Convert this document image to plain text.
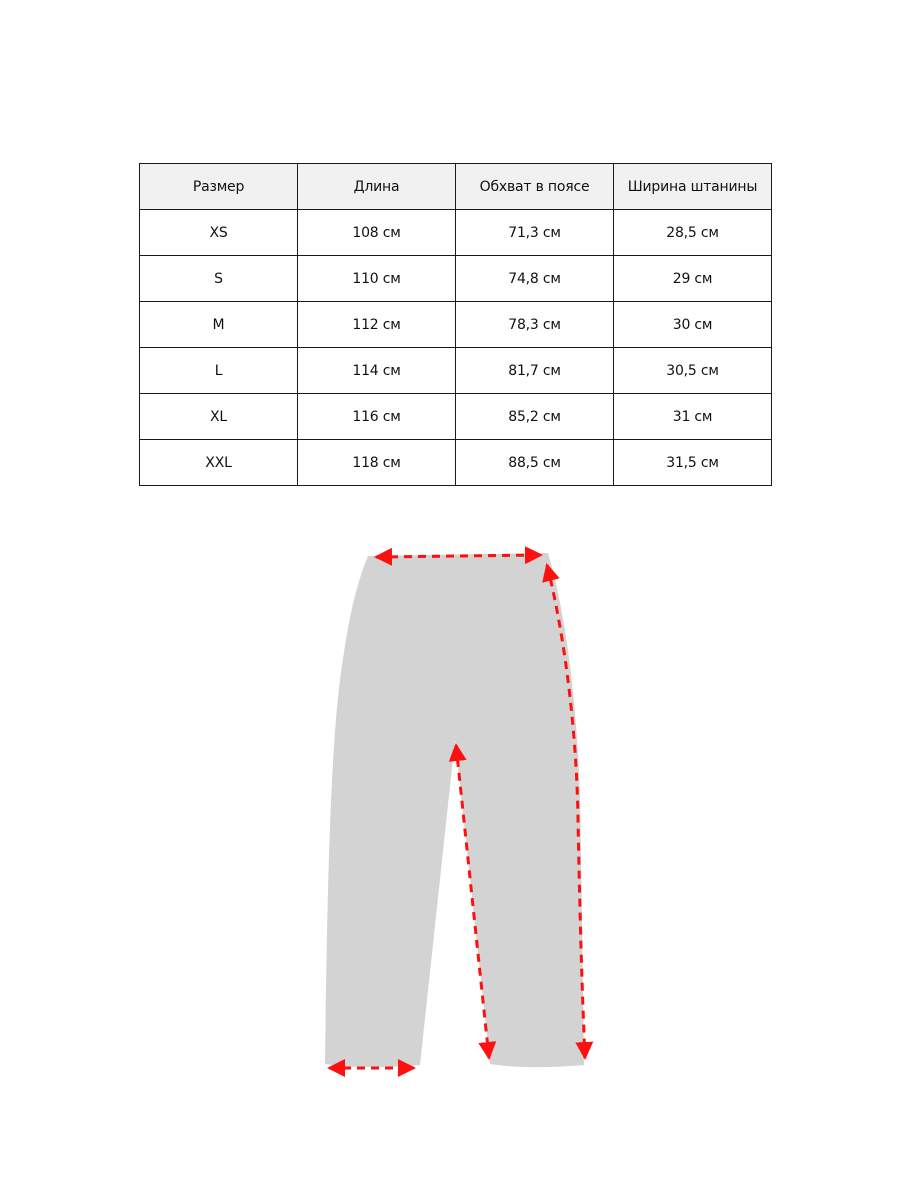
Размер	Длина	Обхват в поясе	Ширина штанины
XS	108 см	71,3 см	28,5 см
S	110 см	74,8 см	29 см
M	112 см	78,3 см	30 см
L	114 см	81,7 см	30,5 см
XL	116 см	85,2 см	31 см
XXL	118 см	88,5 см	31,5 см
